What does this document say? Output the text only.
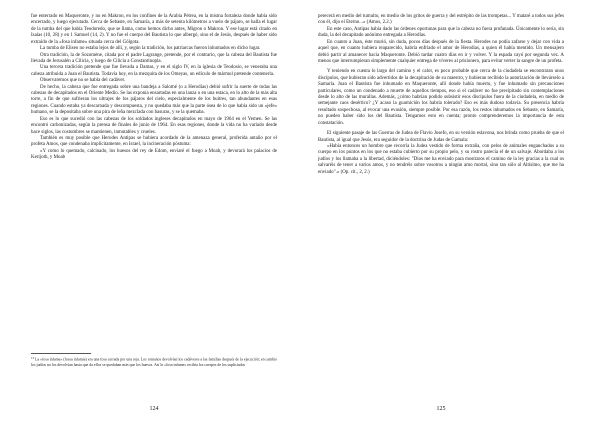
fue enterrado en Maqueronte, y no en Makron, en los confines de la Arabia Pétrea, en la misma fortaleza donde había sido encerrado, y luego ejecutado. Cerca de Sebaste, en Samaría, a más de setenta kilómetros a vuelo de pájaro, se halla el lugar de la tumba del que había Teodoredo, que se llama, como hemos dicho antes, Migron o Makron. Y ese lugar está citado en Isaías (10, 28) y en 1 Samuel (14, 2). Y no fue el cuerpo del Bautista lo que albergó, sino el de Jesús, después de haber sido extraído de la «fosa infame» situada cerca del Gólgota.

La tumba de Eliseo no estaba lejos de allí, y, según la tradición, los patriarcas fueron inhumados en dicho lugar.

Otra tradición, la de Sozomène, citada por el padre Lagrange, pretende, por el contrario, que la cabeza del Bautista fue llevada de Jerusalén a Cilicia, y luego de Cilicia a Constantinopla.

Una tercera tradición pretende que fue llevada a Damas, y en el siglo IV, en la iglesia de Teodosio, se veneraba una cabeza atribuida a Juan el Bautista. Todavía hoy, en la mezquita de los Omeyas, un edículo de mármol pretende contenerla.

Observaremos que no se habla del cadáver.

De hecho, la cabeza que fue entregada sobre una bandeja a Salomé (o a Herodías) debió sufrir la suerte de todas las cabezas de decapitados en el Oriente Medio. Se las exponía ensartadas en una lanza o en una estaca, en lo alto de la más alta torre, a fin de que sufrieran los ultrajes de los pájaros del cielo, especialmente de los buitres, tan abundantes en esas regiones. Cuando estaba ya descarnada y descompuesta, y no quedaba más que la parte ósea de lo que había sido un «jefe» humano, se la depositaba sobre una pira de leña mezclada con basuras, y se la quemaba.

Eso es lo que sucedió con las cabezas de los soldados ingleses decapitados en mayo de 1964 en el Yemen. Se las encontró carbonizadas, según la prensa de finales de junio de 1964. En esas regiones, donde la vida no ha variado desde hace siglos, las costumbres se mantienen, inmutables y crueles.

También es muy posible que Herodes Antipas se hubiera acordado de la amenaza general, proferida antaño por el profeta Amos, que condenaba implícitamente, en Israel, la incineración póstuma:

«Y como lo quemado, calcinado, los huesos del rey de Edom, enviaré el fuego a Moab, y devorará los palacios de Kerijoth, y Moab

$^{13}$ La «fosa infame» (fossa infamia) era una fosa cerrada por una reja. Los romanos devolvían los cadáveres a las familias después de la ejecución; en cambio los judíos no los devolvían hasta que da ellos se quedaban más que los huesos. Así la «fosa infame» recibía los cuerpos de los supliciados
124

perecerá en medio del tumulto, en medio de los gritos de guerra y del estrépito de las trompetas... Y mataré a todos sus jefes con él, dijo el Eterno...» (Amos, 2.2.)

En este caso, Antipas había dado las órdenes oportunas para que la cabeza no fuera profanada. Únicamente lo sería, sin duda, la del decapitado anónimo entregada a Herodías.

En cuanto a Juan, éste murió, sin duda, pocos días después de la fiesta. Herodes no podía zafarse y dejar con vida a aquel que, en cuanto hubiera reaparecido, habría enfriado el amor de Herodías, a quien él había mentido. Un mensajero debió partir al amanecer hacia Maqueronte. Debió tardar cuatro días en ir y volver. Y la espada cayó por segunda vez. A menos que interrumpieran simplemente cualquier entrega de víveres al prisionero, para evitar verter la sangre de un profeta.

Y teniendo en cuenta lo largo del camino y el calor, es poco probable que cerca de la ciudadela se encontraran unos discípulos, que hubieran sido advertidos de la decapitación de su maestro, y hubieran recibido la autorización de llevárselo a Samaría. Juan el Bautista fue inhumado en Maqueronte, allí donde había muerto, y fue inhumado sin precauciones particulares, como un condenado a muerte de aquellos tiempos, eso si el cadáver no fue precipitado sin contemplaciones desde lo alto de las murallas. Además, ¿cómo habrían podido subsistir esos discípulos fuera de la ciudadela, en medio de semejante caos desértico? ¿Y acaso la guarnición los habría tolerado? Eso es más dudoso todavía. Su presencia habría resultado sospechosa, al evocar una evasión, siempre posible. Por esa razón, los restos inhumados en Sebaste, en Samaría, no pueden haber sido los del Bautista. Tengamos esto en cuenta; pronto comprenderemos la importancia de esta constatación.

El siguiente pasaje de las Guerras de Judea de Flavio Josefo, en su versión eslavona, nos brinda como prueba de que el Bautista, al igual que Jesús, era seguidor de la doctrina de Judas de Gamala:

«Había entonces un hombre que recorría la Judea vestido de forma extraña, con pelos de animales enganchados a su cuerpo en los puntos en los que no estaba cubierto por su propio pelo, y su rostro parecía el de un salvaje. Abordaba a los judíos y los llamaba a la libertad, diciéndoles: "Dios me ha enviado para mostraros el camino de la ley gracias a la cual os salvaréis de tener a varios amos, y no tendréis sobre vosotros a ningún amo mortal, sino tan sólo al Altísimo, que me ha enviado".» (Op. cit., 2, 2.)

125
